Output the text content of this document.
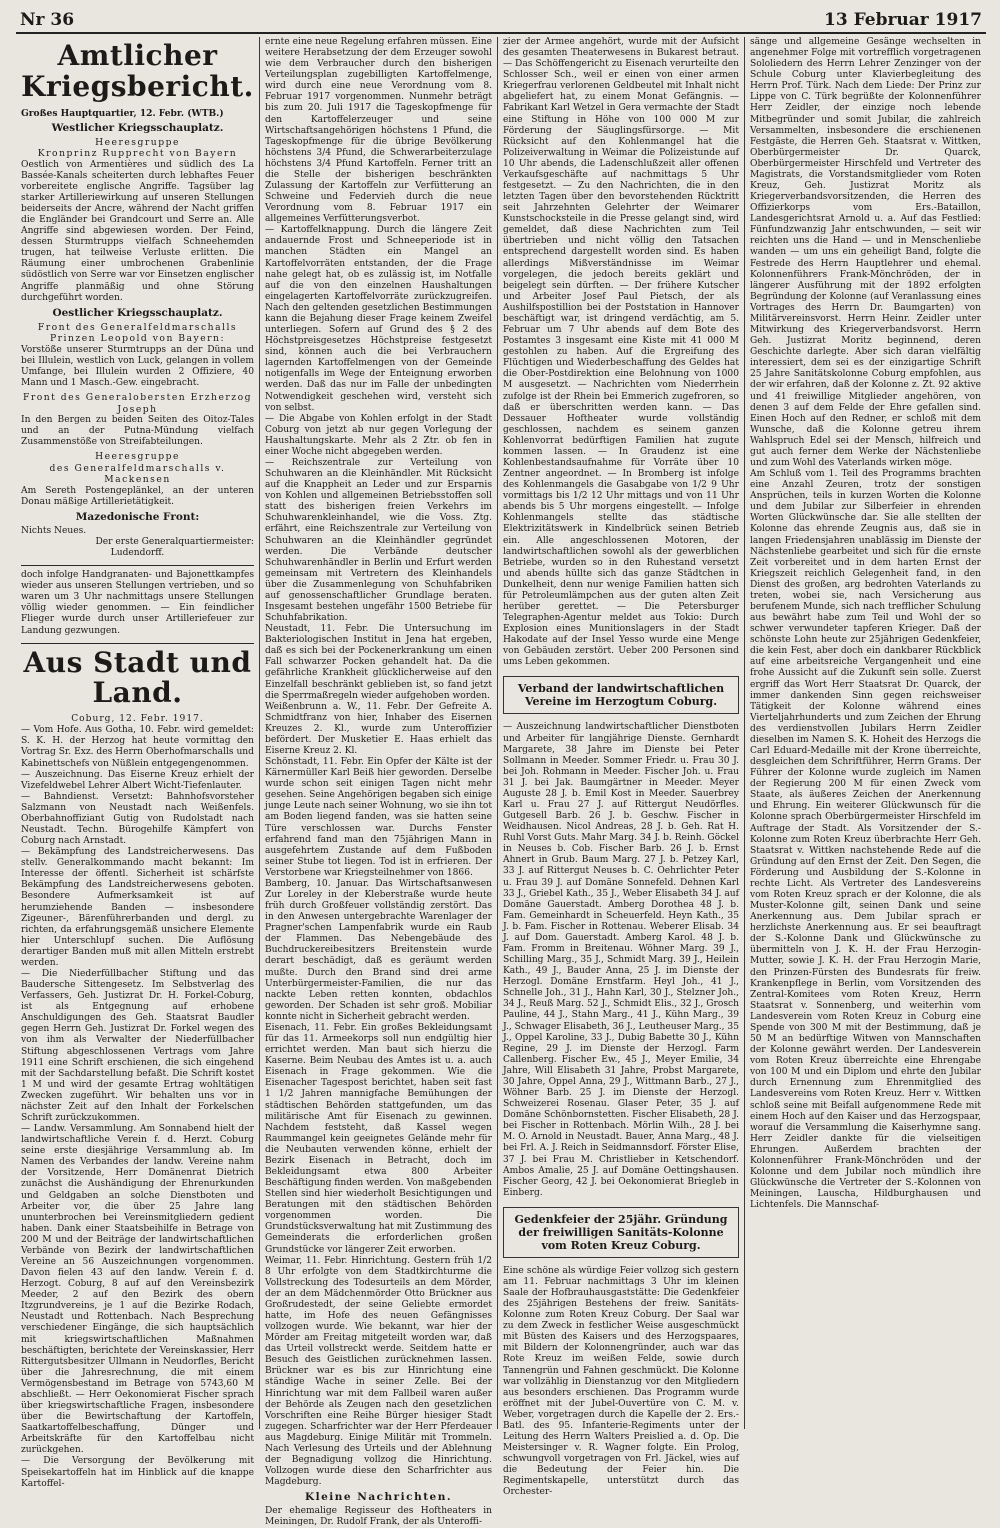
Nr 36	13 Februar 1917
Amtlicher Kriegsbericht.

Großes Hauptquartier, 12. Febr. (WTB.)

Westlicher Kriegsschauplatz.
Heeresgruppe
Kronprinz Rupprecht von Bayern

Oestlich von Armentières und südlich des La Bassée-Kanals scheiterten durch lebhaftes Feuer vorbereitete englische Angriffe. Tagsüber lag starker Artilleriewirkung auf unseren Stellungen beiderseits der Ancre, während der Nacht griffen die Engländer bei Grandcourt und Serre an. Alle Angriffe sind abgewiesen worden. Der Feind, dessen Sturmtrupps vielfach Schneehemden trugen, hat teilweise Verluste erlitten. Die Räumung einer umbrochenen Grabenlinie südöstlich von Serre war vor Einsetzen englischer Angriffe planmäßig und ohne Störung durchgeführt worden.

Oestlicher Kriegsschauplatz.
Front des Generalfeldmarschalls Prinzen Leopold von Bayern:

Vorstöße unserer Sturmtrupps an der Düna und bei Illulein, westlich von Luck, gelangen in vollem Umfange, bei Illulein wurden 2 Offiziere, 40 Mann und 1 Masch.-Gew. eingebracht.

Front des Generalobersten Erzherzog Joseph

In den Bergen zu beiden Seiten des Oitoz-Tales und an der Putna-Mündung vielfach Zusammenstöße von Streifabteilungen.

Heeresgruppe
des Generalfeldmarschalls v. Mackensen

Am Sereth Postengeplänkel, an der unteren Donau mäßige Artillerietätigkeit.

Mazedonische Front:

Nichts Neues.

Der erste Generalquartiermeister:

Ludendorff.

doch infolge Handgranaten- und Bajonettkampfes wieder aus unseren Stellungen vertrieben, und so waren um 3 Uhr nachmittags unsere Stellungen völlig wieder genommen. — Ein feindlicher Flieger wurde durch unser Artilleriefeuer zur Landung gezwungen.

Aus Stadt und Land.

Coburg, 12. Febr. 1917.

— Vom Hofe. Aus Gotha, 10. Febr. wird gemeldet: S. K. H. der Herzog hat heute vormittag den Vortrag Sr. Exz. des Herrn Oberhofmarschalls und Kabinettschefs von Nüßlein entgegengenommen.

— Auszeichnung. Das Eiserne Kreuz erhielt der Vizefeldwebel Lehrer Albert Wicht-Tiefenlauter.

— Bahndienst. Versetzt: Bahnhofsvorsteher Salzmann von Neustadt nach Weißenfels. Oberbahnoffiziant Gutig von Rudolstadt nach Neustadt. Techn. Bürogehilfe Kämpfert von Coburg nach Arnstadt.

— Bekämpfung des Landstreicherwesens. Das stellv. Generalkommando macht bekannt: Im Interesse der öffentl. Sicherheit ist schärfste Bekämpfung des Landstreicherwesens geboten. Besondere Aufmerksamkeit ist auf herumziehende Banden — insbesondere Zigeuner-, Bärenführerbanden und dergl. zu richten, da erfahrungsgemäß unsichere Elemente hier Unterschlupf suchen. Die Auflösung derartiger Banden muß mit allen Mitteln erstrebt werden.

— Die Niederfüllbacher Stiftung und das Baudersche Sittengesetz. Im Selbstverlag des Verfassers, Geh. Justizrat Dr. H. Forkel-Coburg, ist als Entgegnung auf erhobene Anschuldigungen des Geh. Staatsrat Baudler gegen Herrn Geh. Justizrat Dr. Forkel wegen des von ihm als Verwalter der Niederfüllbacher Stiftung abgeschlossenen Vertrags vom Jahre 1911 eine Schrift erschienen, die sich eingehend mit der Sachdarstellung befaßt. Die Schrift kostet 1 M und wird der gesamte Ertrag wohltätigen Zwecken zugeführt. Wir behalten uns vor in nächster Zeit auf den Inhalt der Forkelschen Schrift zurückzukommen.

— Landw. Versammlung. Am Sonnabend hielt der landwirtschaftliche Verein f. d. Herzt. Coburg seine erste diesjährige Versammlung ab. Im Namen des Verbandes der landw. Vereine nahm der Vorsitzende, Herr Domänenrat Dietrich zunächst die Aushändigung der Ehrenurkunden und Geldgaben an solche Dienstboten und Arbeiter vor, die über 25 Jahre lang ununterbrochen bei Vereinsmitgliedern gedient haben. Dank einer Staatsbeihilfe in Betrage von 200 M und der Beiträge der landwirtschaftlichen Verbände von Bezirk der landwirtschaftlichen Vereine an 56 Auszeichnungen vorgenommen. Davon fielen 43 auf den landw. Verein f. d. Herzogt. Coburg, 8 auf auf den Vereinsbezirk Meeder, 2 auf den Bezirk des obern Itzgrundvereins, je 1 auf die Bezirke Rodach, Neustadt und Rottenbach. Nach Besprechung verschiedener Eingänge, die sich hauptsächlich mit kriegswirtschaftlichen Maßnahmen beschäftigten, berichtete der Vereinskassier, Herr Rittergutsbesitzer Ullmann in Neudorfles, Bericht über die Jahresrechnung, die mit einem Vermögensbestand im Betrage von 5743,60 M abschließt. — Herr Oekonomierat Fischer sprach über kriegswirtschaftliche Fragen, insbesondere über die Bewirtschaftung der Kartoffeln, Saatkartoffelbeschaffung, Dünger und Arbeitskräfte für den Kartoffelbau nicht zurückgehen.

— Die Versorgung der Bevölkerung mit Speisekartoffeln hat im Hinblick auf die knappe Kartoffel-

ernte eine neue Regelung erfahren müssen. Eine weitere Herabsetzung der dem Erzeuger sowohl wie dem Verbraucher durch den bisherigen Verteilungsplan zugebilligten Kartoffelmenge, wird durch eine neue Verordnung vom 8. Februar 1917 vorgenommen. Nunmehr beträgt bis zum 20. Juli 1917 die Tageskopfmenge für den Kartoffelerzeuger und seine Wirtschaftsangehörigen höchstens 1 Pfund, die Tageskopfmenge für die übrige Bevölkerung höchstens 3/4 Pfund, die Schwerarbeiterzulage höchstens 3/4 Pfund Kartoffeln. Ferner tritt an die Stelle der bisherigen beschränkten Zulassung der Kartoffeln zur Verfütterung an Schweine und Federvieh durch die neue Verordnung vom 8. Februar 1917 ein allgemeines Verfütterungsverbot.

— Kartoffelknappung. Durch die längere Zeit andauernde Frost und Schneeperiode ist in manchen Städten ein Mangel an Kartoffelvorräten entstanden, der die Frage nahe gelegt hat, ob es zulässig ist, im Notfalle auf die von den einzelnen Haushaltungen eingelagerten Kartoffelvorräte zurückzugreifen. Nach den geltenden gesetzlichen Bestimmungen kann die Bejahung dieser Frage keinem Zweifel unterliegen. Sofern auf Grund des § 2 des Höchstpreisgesetzes Höchstpreise festgesetzt sind, können auch die bei Verbrauchern lagernden Kartoffelmengen von der Gemeinde notigenfalls im Wege der Enteignung erworben werden. Daß das nur im Falle der unbedingten Notwendigkeit geschehen wird, versteht sich von selbst.

— Die Abgabe von Kohlen erfolgt in der Stadt Coburg von jetzt ab nur gegen Vorlegung der Haushaltungskarte. Mehr als 2 Ztr. ob fen in einer Woche nicht abgegeben werden.

— Reichszentrale zur Verteilung von Schuhwaren an die Kleinhändler. Mit Rücksicht auf die Knappheit an Leder und zur Ersparnis von Kohlen und allgemeinen Betriebsstoffen soll statt des bisherigen freien Verkehrs im Schuhwarenkleinhandel, wie die Voss. Ztg. erfährt, eine Reichszentrale zur Verteilung von Schuhwaren an die Kleinhändler gegründet werden. Die Verbände deutscher Schuhwarenhändler in Berlin und Erfurt werden gemeinsam mit Vertretern des Kleinhandels über die Zusammenlegung von Schuhfabriken auf genossenschaftlicher Grundlage beraten. Insgesamt bestehen ungefähr 1500 Betriebe für Schuhfabrikation.

Neustadt, 11. Febr. Die Untersuchung im Bakteriologischen Institut in Jena hat ergeben, daß es sich bei der Pockenerkrankung um einen Fall schwarzer Pocken gehandelt hat. Da die gefährliche Krankheit glücklicherweise auf den Einzelfall beschränkt geblieben ist, so fand jetzt die Sperrmaßregeln wieder aufgehoben worden.

Weißenbrunn a. W., 11. Febr. Der Gefreite A. Schmidtfranz von hier, Inhaber des Eisernen Kreuzes 2. Kl., wurde zum Unteroffizier befördert. Der Musketier E. Haas erhielt das Eiserne Kreuz 2. Kl.

Schönstadt, 11. Febr. Ein Opfer der Kälte ist der Kärnermüller Karl Beiß hier geworden. Derselbe wurde schon seit einigen Tagen nicht mehr gesehen. Seine Angehörigen begaben sich einige junge Leute nach seiner Wohnung, wo sie ihn tot am Boden liegend fanden, was sie hatten seine Türe verschlossen war. Durchs Fenster erfahrend fand man den 75jährigen Mann in ausgefehrtem Zustande auf dem Fußboden seiner Stube tot liegen. Tod ist in erfrieren. Der Verstorbene war Kriegsteilnehmer von 1866.

Bamberg, 10. Januar. Das Wirtschaftsanwesen Zur Loreley in der Kleberstraße wurde heute früh durch Großfeuer vollständig zerstört. Das in den Anwesen untergebrachte Warenlager der Pragner'schen Lampenfabrik wurde ein Raub der Flammen. Das Nebengebäude des Buchdruckereibesitzers Breitenstein wurde derart beschädigt, daß es geräumt werden mußte. Durch den Brand sind drei arme Unterbürgermeister-Familien, die nur das nackte Leben retten konnten, obdachlos geworden. Der Schaden ist sehr groß. Mobiliar konnte nicht in Sicherheit gebracht werden.

Eisenach, 11. Febr. Ein großes Bekleidungsamt für das 11. Armeekorps soll nun endgültig hier errichtet werden. Man baut sich hierzu die Kaserne. Beim Neubau des Amtes ist u. a. auch Eisenach in Frage gekommen. Wie die Eisenacher Tagespost berichtet, haben seit fast 1 1/2 Jahren mannigfache Bemühungen der städtischen Behörden stattgefunden, um das militärische Amt für Eisenach zu gewinnen. Nachdem feststeht, daß Kassel wegen Raummangel kein geeignetes Gelände mehr für die Neubauten verwenden könne, erhielt der Bezirk Eisenach in Betracht, doch im Bekleidungsamt etwa 800 Arbeiter Beschäftigung finden werden. Von maßgebenden Stellen sind hier wiederholt Besichtigungen und Beratungen mit den städtischen Behörden vorgenommen worden. Die Grundstücksverwaltung hat mit Zustimmung des Gemeinderats die erforderlichen großen Grundstücke vor längerer Zeit erworben.

Weimar, 11. Febr. Hinrichtung. Gestern früh 1/2 8 Uhr erfolgte von dem Stadtkirchturme die Vollstreckung des Todesurteils an dem Mörder, der an dem Mädchenmörder Otto Brückner aus Großrudestedt, der seine Geliebte ermordet hatte, im Hofe des neuen Gefängnisses vollzogen wurde. Wie bekannt, war hier der Mörder am Freitag mitgeteilt worden war, daß das Urteil vollstreckt werde. Seitdem hatte er Besuch des Geistlichen zurücknehmen lassen. Brückner war es bis zur Hinrichtung eine ständige Wache in seiner Zelle. Bei der Hinrichtung war mit dem Fallbeil waren außer der Behörde als Zeugen nach den gesetzlichen Vorschriften eine Reihe Bürger hiesiger Stadt zugegen. Scharfrichter war der Herr Pferdeauer aus Magdeburg. Einige Militär mit Trommeln. Nach Verlesung des Urteils und der Ablehnung der Begnadigung vollzog die Hinrichtung. Vollzogen wurde diese den Scharfrichter aus Magdeburg.

Kleine Nachrichten.

Der ehemalige Regisseur des Hoftheaters in Meiningen, Dr. Rudolf Frank, der als Unteroffi-

zier der Armee angehört, wurde mit der Aufsicht des gesamten Theaterwesens in Bukarest betraut. — Das Schöffengericht zu Eisenach verurteilte den Schlosser Sch., weil er einen von einer armen Kriegerfrau verlorenen Geldbeutel mit Inhalt nicht abgeliefert hat, zu einem Monat Gefängnis. — Fabrikant Karl Wetzel in Gera vermachte der Stadt eine Stiftung in Höhe von 100 000 M zur Förderung der Säuglingsfürsorge. — Mit Rücksicht auf den Kohlenmangel hat die Polizeiverwaltung in Weimar die Polizeistunde auf 10 Uhr abends, die Ladenschlußzeit aller offenen Verkaufsgeschäfte auf nachmittags 5 Uhr festgesetzt. — Zu den Nachrichten, die in den letzten Tagen über den bevorstehenden Rücktritt seit Jahrzehnten Gelehrter der Weimarer Kunstschocksteile in die Presse gelangt sind, wird gemeldet, daß diese Nachrichten zum Teil übertrieben und nicht völlig den Tatsachen entsprechend dargestellt worden sind. Es haben allerdings Mißverständnisse im Weimar vorgelegen, die jedoch bereits geklärt und beigelegt sein dürften. — Der frühere Kutscher und Arbeiter Josef Paul Pietsch, der als Aushilfspostillion bei der Poststation in Hannover beschäftigt war, ist dringend verdächtig, am 5. Februar um 7 Uhr abends auf dem Bote des Postamtes 3 insgesamt eine Kiste mit 41 000 M gestohlen zu haben. Auf die Ergreifung des Flüchtigen und Wiederbeschaffung des Geldes hat die Ober-Postdirektion eine Belohnung von 1000 M ausgesetzt. — Nachrichten vom Niederrhein zufolge ist der Rhein bei Emmerich zugefroren, so daß er überschritten werden kann. — Das Dessauer Hoftheater wurde vollständig geschlossen, nachdem es seinem ganzen Kohlenvorrat bedürftigen Familien hat zugute kommen lassen. — In Graudenz ist eine Kohlenbestandsaufnahme für Vorräte über 10 Zentner angeordnet. — In Bromberg ist infolge des Kohlenmangels die Gasabgabe von 1/2 9 Uhr vormittags bis 1/2 12 Uhr mittags und von 11 Uhr abends bis 5 Uhr morgens eingestellt. — Infolge Kohlenmangels stellte das städtische Elektrizitätswerk in Kindelbrück seinen Betrieb ein. Alle angeschlossenen Motoren, der landwirtschaftlichen sowohl als der gewerblichen Betriebe, wurden so in den Ruhestand versetzt und abends hüllte sich das ganze Städtchen in Dunkelheit, denn nur wenige Familien hatten sich für Petroleumlämpchen aus der guten alten Zeit herüber gerettet. — Die Petersburger Telegraphen-Agentur meldet aus Tokio: Durch Explosion eines Munitionslagers in der Stadt Hakodate auf der Insel Yesso wurde eine Menge von Gebäuden zerstört. Ueber 200 Personen sind ums Leben gekommen.

Verband der landwirtschaftlichen Vereine im Herzogtum Coburg.

— Auszeichnung landwirtschaftlicher Dienstboten und Arbeiter für langjährige Dienste. Gernhardt Margarete, 38 Jahre im Dienste bei Peter Sollmann in Meeder. Sommer Friedr. u. Frau 30 J. bei Joh. Rohmann in Meeder. Fischer Joh. u. Frau 31 J. bei Jak. Baumgärtner in Meeder. Meyer Auguste 28 J. b. Emil Kost in Meeder. Sauerbrey Karl u. Frau 27 J. auf Rittergut Neudörfles. Gutgesell Barb. 26 J. b. Geschw. Fischer in Weidhausen. Nicol Andreas, 28 J. b. Geh. Rat H. Ruhl Vorst Guts. Mahr Marg. 34 J. b. Reinh. Göckel in Neuses b. Cob. Fischer Barb. 26 J. b. Ernst Ahnert in Grub. Baum Marg. 27 J. b. Petzey Karl, 33 J. auf Rittergut Neuses b. C. Oehrlichter Peter u. Frau 39 J. auf Domäne Sonnefeld. Dehnen Karl 33 J., Griebel Kath., 35 J., Weber Elisabeth 34 J. auf Domäne Gauerstadt. Amberg Dorothea 48 J. b. Fam. Gemeinhardt in Scheuerfeld. Heyn Kath., 35 J. b. Fam. Fischer in Rottenau. Weberer Elisab. 34 J. auf Dom. Gauerstadt. Amberg Karol. 48 J. b. Fam. Fromm in Breitenau. Wöhner Marg. 39 J., Schilling Marg., 35 J., Schmidt Marg. 39 J., Heilein Kath., 49 J., Bauder Anna, 25 J. im Dienste der Herzogl. Domäne Ernstfarm. Heyl Joh., 41 J., Schnelle Joh., 31 J., Hahn Karl, 30 J., Stelzner Joh., 34 J., Reuß Marg. 52 J., Schmidt Elis., 32 J., Grosch Pauline, 44 J., Stahn Marg., 41 J., Kühn Marg., 39 J., Schwager Elisabeth, 36 J., Leutheuser Marg., 35 J., Oppel Karoline, 33 J., Dubig Babette 30 J., Kühn Regine, 29 J. im Dienste der Herzogl. Farm Callenberg. Fischer Ew., 45 J., Meyer Emilie, 34 Jahre, Will Elisabeth 31 Jahre, Probst Margarete, 30 Jahre, Oppel Anna, 29 J., Wittmann Barb., 27 J., Wöhner Barb. 25 J. im Dienste der Herzogl. Schweizerei Rosenau. Glaser Peter, 35 J. auf Domäne Schönbornstetten. Fischer Elisabeth, 28 J. bei Fischer in Rottenbach. Mörlin Wilh., 28 J. bei M. O. Arnold in Neustadt. Bauer, Anna Marg., 48 J. bei Frl. A. J. Reich in Seidmannsdorf. Förster Elise, 37 J. bei Frau M. Christlieber in Ketschendorf. Ambos Amalie, 25 J. auf Domäne Oettingshausen. Fischer Georg, 42 J. bei Oekonomierat Briegleb in Einberg.

Gedenkfeier der 25jähr. Gründung der freiwilligen Sanitäts-Kolonne vom Roten Kreuz Coburg.

Eine schöne als würdige Feier vollzog sich gestern am 11. Februar nachmittags 3 Uhr im kleinen Saale der Hofbrauhausgaststätte: Die Gedenkfeier des 25jährigen Bestehens der freiw. Sanitäts-Kolonne zum Roten Kreuz Coburg. Der Saal war zu dem Zweck in festlicher Weise ausgeschmückt mit Büsten des Kaisers und des Herzogspaares, mit Bildern der Kolonnengründer, auch war das Rote Kreuz im weißen Felde, sowie durch Tannengrün und Fahnen geschmückt. Die Kolonne war vollzählig in Dienstanzug vor den Mitgliedern aus besonders erschienen. Das Programm wurde eröffnet mit der Jubel-Ouvertüre von C. M. v. Weber, vorgetragen durch die Kapelle der 2. Ers.-Batl. des 95. Infanterie-Regiments unter der Leitung des Herrn Walters Preislied a. d. Op. Die Meistersinger v. R. Wagner folgte. Ein Prolog, schwungvoll vorgetragen von Frl. Jäckel, wies auf die Bedeutung der Feier hin. Die Regimentskapelle, unterstützt durch das Orchester-

sänge und allgemeine Gesänge wechselten in angenehmer Folge mit vortrefflich vorgetragenen Sololiedern des Herrn Lehrer Zenzinger von der Schule Coburg unter Klavierbegleitung des Herrn Prof. Türk. Nach dem Liede: Der Prinz zur Lippe von C. Türk begrüßte der Kolonnenführer Herr Zeidler, der einzige noch lebende Mitbegründer und somit Jubilar, die zahlreich Versammelten, insbesondere die erschienenen Festgäste, die Herren Geh. Staatsrat v. Wittken, Oberbürgermeister Dr. Quarck, Oberbürgermeister Hirschfeld und Vertreter des Magistrats, die Vorstandsmitglieder vom Roten Kreuz, Geh. Justizrat Moritz als Kriegerverbandsvorsitzenden, die Herren des Offizierkorps vom Ers.-Bataillon, Landesgerichtsrat Arnold u. a. Auf das Festlied: Fünfundzwanzig Jahr entschwunden, — seit wir reichten uns die Hand — und in Menschenliebe wanden — um uns ein geheiligt Band, folgte die Festrede des Herrn Hauptlehrer und ehemal. Kolonnenführers Frank-Mönchröden, der in längerer Ausführung mit der 1892 erfolgten Begründung der Kolonne (auf Veranlassung eines Vortrages des Herrn Dr. Baumgarten) von Militärvereinsvorst. Herrn Heinr. Zeidler unter Mitwirkung des Kriegerverbandsvorst. Herrn Geh. Justizrat Moritz beginnend, deren Geschichte darlegte. Aber sich daran vielfältig interessiert, dem sei es der einzigartige Schrift 25 Jahre Sanitätskolonne Coburg empfohlen, aus der wir erfahren, daß der Kolonne z. Zt. 92 aktive und 41 freiwillige Mitglieder angehören, von denen 3 auf dem Felde der Ehre gefallen sind. Einen Hoch auf den Redner, er schloß mit dem Wunsche, daß die Kolonne getreu ihrem Wahlspruch Edel sei der Mensch, hilfreich und gut auch ferner dem Werke der Nächstenliebe und zum Wohl des Vaterlands wirken möge.

Am Schluß vom 1. Teil des Programms brachten eine Anzahl Zeuren, trotz der sonstigen Ansprüchen, teils in kurzen Worten die Kolonne und dem Jubilar zur Silberfeier in ehrenden Worten Glückwünsche dar. Sie alle stellten der Kolonne das ehrende Zeugnis aus, daß sie in langen Friedensjahren unablässig im Dienste der Nächstenliebe gearbeitet und sich für die ernste Zeit vorbereitet und in dem harten Ernst der Kriegszeit reichlich Gelegenheit fand, in den Dienst des großen, arg bedrohten Vaterlands zu treten, wobei sie, nach Versicherung aus berufenem Munde, sich nach trefflicher Schulung aus bewährt habe zum Teil und Wohl der so schwer verwundeter tapferen Krieger. Daß der schönste Lohn heute zur 25jährigen Gedenkfeier, die kein Fest, aber doch ein dankbarer Rückblick auf eine arbeitsreiche Vergangenheit und eine frohe Aussicht auf die Zukunft sein solle. Zuerst ergriff das Wort Herr Staatsrat Dr. Quarck, der immer dankenden Sinn gegen reichsweiser Tätigkeit der Kolonne während eines Vierteljahrhunderts und zum Zeichen der Ehrung des verdienstvollen Jubilars Herrn Zeidler dieselben im Namen S. K. Hoheit des Herzogs die Carl Eduard-Medaille mit der Krone überreichte, desgleichen dem Schriftführer, Herrn Grams. Der Führer der Kolonne wurde zugleich im Namen der Regierung 200 M für einen Zweck vom Staate, als äußeres Zeichen der Anerkennung und Ehrung. Ein weiterer Glückwunsch für die Kolonne sprach Oberbürgermeister Hirschfeld im Auftrage der Stadt. Als Vorsitzender der S.-Kolonne zum Roten Kreuz überbrachte Herr Geh. Staatsrat v. Wittken nachstehende Rede auf die Gründung auf den Ernst der Zeit. Den Segen, die Förderung und Ausbildung der S.-Kolonne in rechte Licht. Als Vertreter des Landesvereins vom Roten Kreuz sprach er der Kolonne, die als Muster-Kolonne gilt, seinen Dank und seine Anerkennung aus. Dem Jubilar sprach er herzlichste Anerkennung aus. Er sei beauftragt der S.-Kolonne Dank und Glückwünsche zu übermitteln von J. K. H. der Frau Herzogin-Mutter, sowie J. K. H. der Frau Herzogin Marie, den Prinzen-Fürsten des Bundesrats für freiw. Krankenpflege in Berlin, vom Vorsitzenden des Zentral-Komitees vom Roten Kreuz, Herrn Staatsrat v. Sonnenberg, und weiterhin vom Landesverein vom Roten Kreuz in Coburg eine Spende von 300 M mit der Bestimmung, daß je 50 M an bedürftige Witwen von Mannschaften der Kolonne gewährt werden. Der Landesverein vom Roten Kreuz überreichte eine Ehrengabe von 100 M und ein Diplom und ehrte den Jubilar durch Ernennung zum Ehrenmitglied des Landesvereins vom Roten Kreuz. Herr v. Wittken schloß seine mit Beifall aufgenommene Rede mit einem Hoch auf den Kaiser und das Herzogspaar, worauf die Versammlung die Kaiserhymne sang. Herr Zeidler dankte für die vielseitigen Ehrungen. Außerdem brachten der Kolonnenführer Frank-Mönchröden und der Kolonne und dem Jubilar noch mündlich ihre Glückwünsche die Vertreter der S.-Kolonnen von Meiningen, Lauscha, Hildburghausen und Lichtenfels. Die Mannschaf-
